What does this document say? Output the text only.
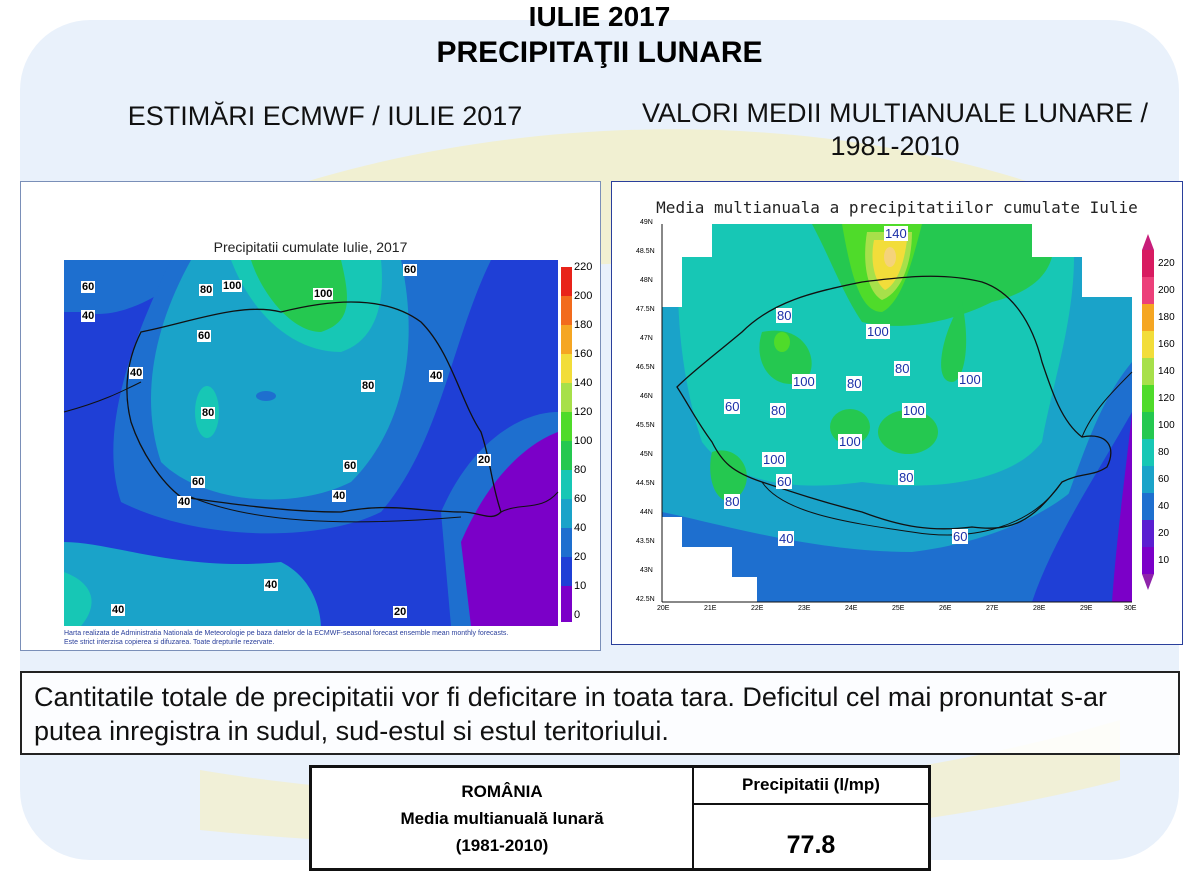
IULIE 2017
PRECIPITAŢII LUNARE
ESTIMĂRI ECMWF / IULIE 2017	VALORI MEDII MULTIANUALE LUNARE / 1981-2010
Precipitatii cumulate Iulie, 2017
220
200
180
160
140
120
100
80
60
40
20
10
0
60	80 100
100
60
40
60
40
80
80
40
20
60
40
60
40
40
20
40
Harta realizata de Administratia Nationala de Meteorologie pe baza datelor de la ECMWF-seasonal forecast ensemble mean monthly forecasts.
Este strict interzisa copierea si difuzarea. Toate drepturile rezervate.
Media multianuala a precipitatiilor cumulate Iulie
49N
48.5N
48N
47.5N
47N
46.5N
46N
45.5N
45N
44.5N
44N
43.5N
43N
42.5N
20E	21E	22E	23E	24E	25E	26E	27E	28E	29E	30E
220
200
180
160
140
120
100
80
60
40
20
10
140
80
100
100 80
80
100
60 80	100
100
100
60	80
80
40	60
Cantitatile totale de precipitatii vor fi deficitare in toata tara. Deficitul cel mai pronuntat s-ar putea inregistra in sudul, sud-estul si estul teritoriului.
ROMÂNIA
Media multianuală lunară
(1981-2010)
	Precipitatii (l/mp)
77.8
